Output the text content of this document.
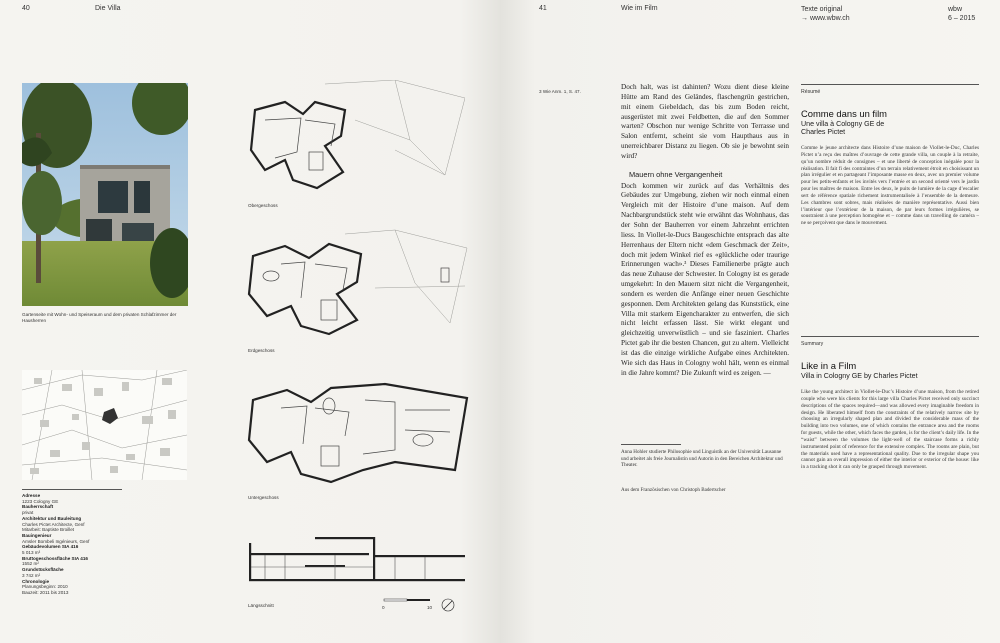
40	Die Villa
Gartenseite mit Wohn- und Speiseraum und dem privaten Schlafzimmer der Hausherren
Adresse
1223 Cologny GE
Bauherrschaft
privat
Architektur und Bauleitung
Charles Pictet Architecte, Genf
Mitarbeit: Baptiste Broillet
Bauingenieur
Amsler Bombeli Ingénieurs, Genf
Gebäudevolumen SIA 416
5 013 m³
Bruttogeschossfläche SIA 416
1552 m²
Grundstücksfläche
3 742 m²
Chronologie
Planungsbeginn: 2010
Bauzeit: 2011 bis 2013
Obergeschoss
Erdgeschoss
Untergeschoss
Längsschnitt	0	10
41	Wie im Film	Texte original
→ www.wbw.ch
wbw
6 – 2015
3 Wie Anm. 1, S. 47.

Doch halt, was ist dahinten? Wozu dient diese kleine Hütte am Rand des Geländes, flaschengrün gestrichen, mit einem Giebeldach, das bis zum Boden reicht, ausgerüstet mit zwei Feldbetten, die auf den Sommer warten? Obschon nur wenige Schritte von Terrasse und Salon entfernt, scheint sie vom Haupthaus aus in unerreichbarer Distanz zu liegen. Ob sie je bewohnt sein wird?

Mauern ohne Vergangenheit

Doch kommen wir zurück auf das Verhältnis des Gebäudes zur Umgebung, ziehen wir noch einmal einen Vergleich mit der Histoire d’une maison. Auf dem Nachbargrundstück steht wie erwähnt das Wohnhaus, das der Sohn der Bauherren vor einem Jahrzehnt errichten liess. In Viollet-le-Ducs Baugeschichte entsprach das alte Herrenhaus der Eltern nicht «dem Geschmack der Zeit», doch mit jedem Winkel rief es «glückliche oder traurige Erinnerungen wach».³ Dieses Familienerbe prägte auch das neue Zuhause der Schwester. In Cologny ist es gerade umgekehrt: In den Mauern sitzt nicht die Vergangenheit, sondern es werden die Anfänge einer neuen Geschichte gesponnen. Dem Architekten gelang das Kunststück, eine Villa mit starkem Eigencharakter zu entwerfen, die sich nicht leicht erfassen lässt. Sie wirkt elegant und gleichzeitig unverwüstlich – und sie fasziniert. Charles Pictet gab ihr die besten Chancen, gut zu altern. Vielleicht ist das die einzige wirkliche Aufgabe eines Architekten. Wie sich das Haus in Cologny wohl hält, wenn es einmal in die Jahre kommt? Die Zukunft wird es zeigen. —

Anna Hohler studierte Philosophie und Linguistik an der Universität Lausanne und arbeitet als freie Journalistin und Autorin in den Bereichen Architektur und Theater.
Aus dem Französischen von Christoph Badertscher
Résumé
Comme dans un film
Une villa à Cologny GE de
Charles Pictet
Comme le jeune architecte dans Histoire d’une maison de Viollet-le-Duc, Charles Pictet n’a reçu des maîtres d’ouvrage de cette grande villa, un couple à la retraite, qu’un nombre réduit de consignes – et une liberté de conception inégalée pour la réalisation. Il fait fi des contraintes d’un terrain relativement étroit en choisissant un plan irrégulier et en partageant l’imposante masse en deux, avec un premier volume pour les petits-enfants et les invités vers l’entrée et un second orienté vers le jardin pour les maîtres de maison. Entre les deux, le puits de lumière de la cage d’escalier sert de référence spatiale richement instrumentalisée à l’ensemble de la demeure. Les chambres sont sobres, mais réalisées de manière représentative. Aussi bien l’intérieur que l’extérieur de la maison, de par leurs formes irrégulières, se soustraient à une perception homogène et – comme dans un travelling de caméra – ne se perçoivent que dans le mouvement.
Summary
Like in a Film
Villa in Cologny GE by Charles Pictet
Like the young architect in Viollet-le-Duc’s Histoire d’une maison, from the retired couple who were his clients for this large villa Charles Pictet received only succinct descriptions of the spaces required—and was allowed every imaginable freedom in design. He liberated himself from the constraints of the relatively narrow site by choosing an irregularly shaped plan and divided the considerable mass of the building into two volumes, one of which contains the entrance area and the rooms for guests, while the other, which faces the garden, is for the client’s daily life. In the “waist” between the volumes the light-well of the staircase forms a richly instrumented point of reference for the extensive complex. The rooms are plain, but the materials used have a representational quality. Due to the irregular shape you cannot gain an overall impression of either the interior or exterior of the house: like in a tracking shot it can only be grasped through movement.
